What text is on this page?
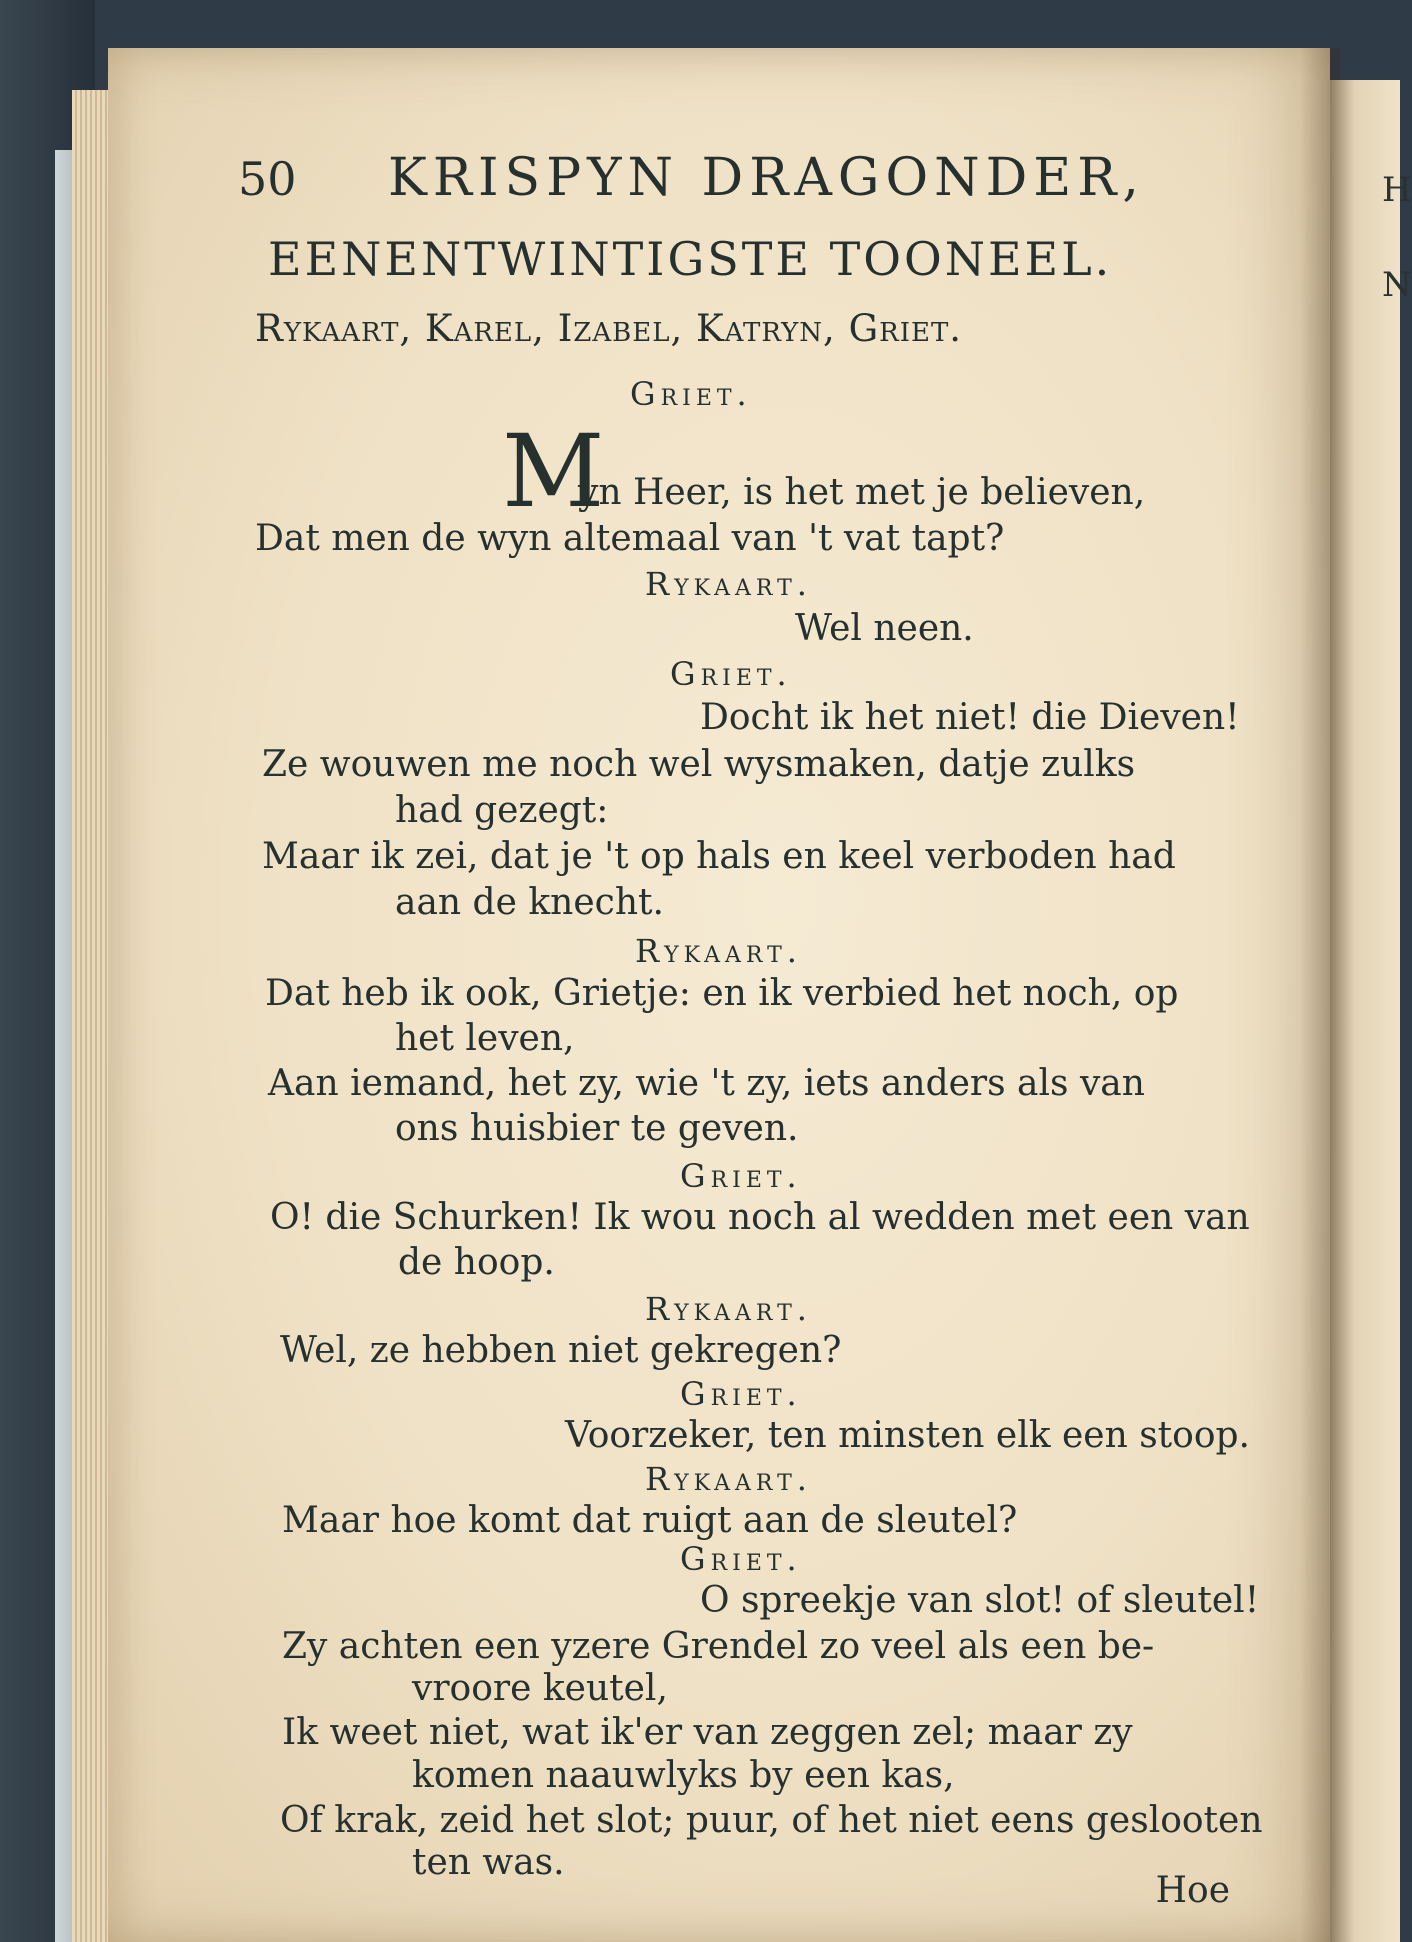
H
N
50 KRISPYN DRAGONDER,
EENENTWINTIGSTE TOONEEL.
Rykaart, Karel, Izabel, Katryn, Griet.
Griet.
M
yn Heer, is het met je believen,
Dat men de wyn altemaal van 't vat tapt?
Rykaart.
Wel neen.
Griet.
Docht ik het niet! die Dieven!
Ze wouwen me noch wel wysmaken, datje zulks
had gezegt:
Maar ik zei, dat je 't op hals en keel verboden had
aan de knecht.
Rykaart.
Dat heb ik ook, Grietje: en ik verbied het noch, op
het leven,
Aan iemand, het zy, wie 't zy, iets anders als van
ons huisbier te geven.
Griet.
O! die Schurken! Ik wou noch al wedden met een van
de hoop.
Rykaart.
Wel, ze hebben niet gekregen?
Griet.
Voorzeker, ten minsten elk een stoop.
Rykaart.
Maar hoe komt dat ruigt aan de sleutel?
Griet.
O spreekje van slot! of sleutel!
Zy achten een yzere Grendel zo veel als een be-
vroore keutel,
Ik weet niet, wat ik'er van zeggen zel; maar zy
komen naauwlyks by een kas,
Of krak, zeid het slot; puur, of het niet eens geslooten
ten was.
Hoe
